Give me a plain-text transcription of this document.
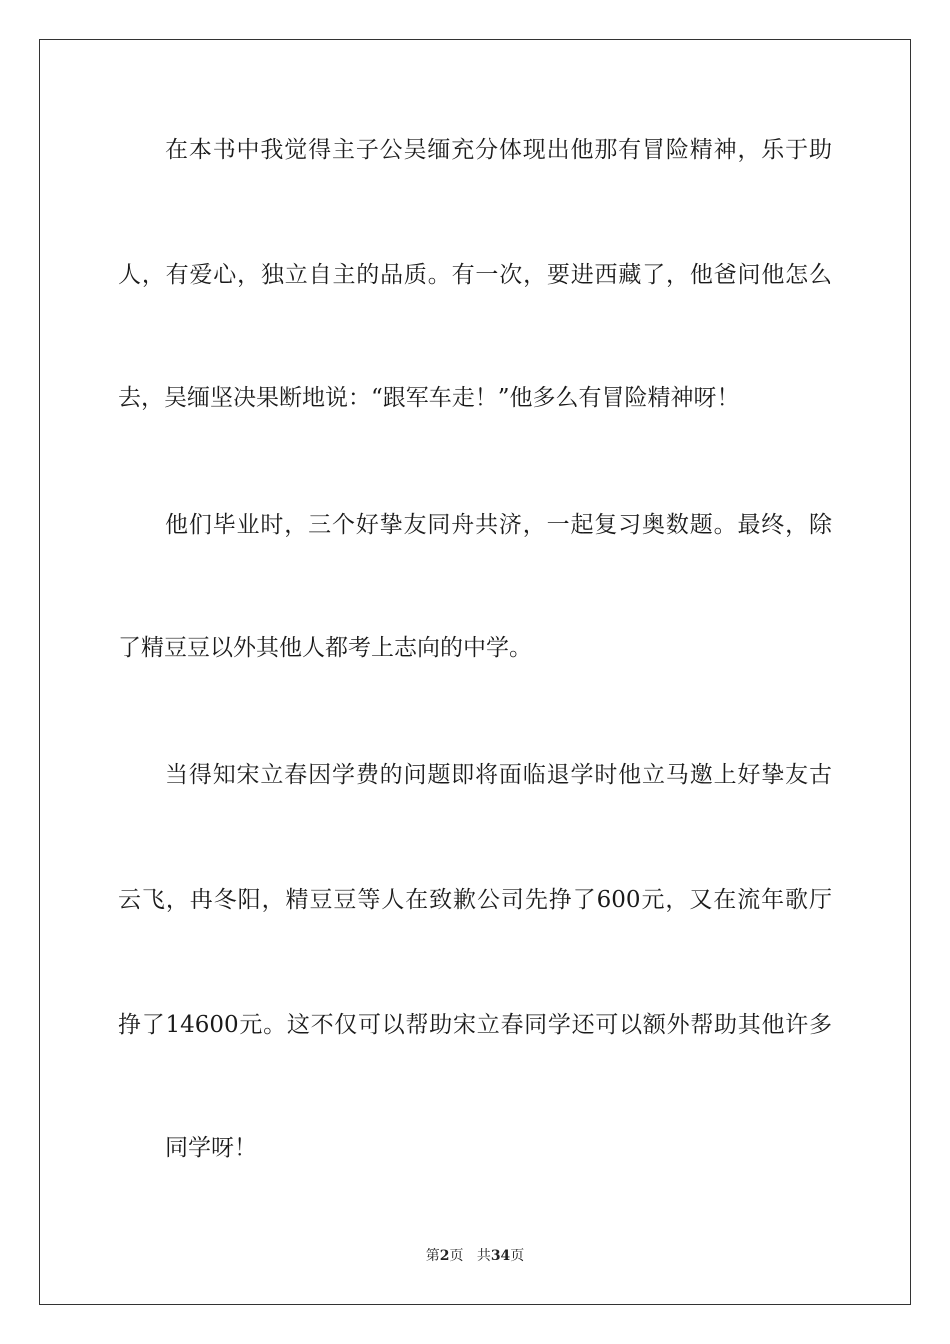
在本书中我觉得主子公吴缅充分体现出他那有冒险精神，乐于助
人，有爱心，独立自主的品质。有一次，要进西藏了，他爸问他怎么
去，吴缅坚决果断地说：“跟军车走！”他多么有冒险精神呀！
他们毕业时，三个好挚友同舟共济，一起复习奥数题。最终，除
了精豆豆以外其他人都考上志向的中学。
当得知宋立春因学费的问题即将面临退学时他立马邀上好挚友古
云飞，冉冬阳，精豆豆等人在致歉公司先挣了600元，又在流年歌厅
挣了14600元。这不仅可以帮助宋立春同学还可以额外帮助其他许多
同学呀！
第2页 共34页
